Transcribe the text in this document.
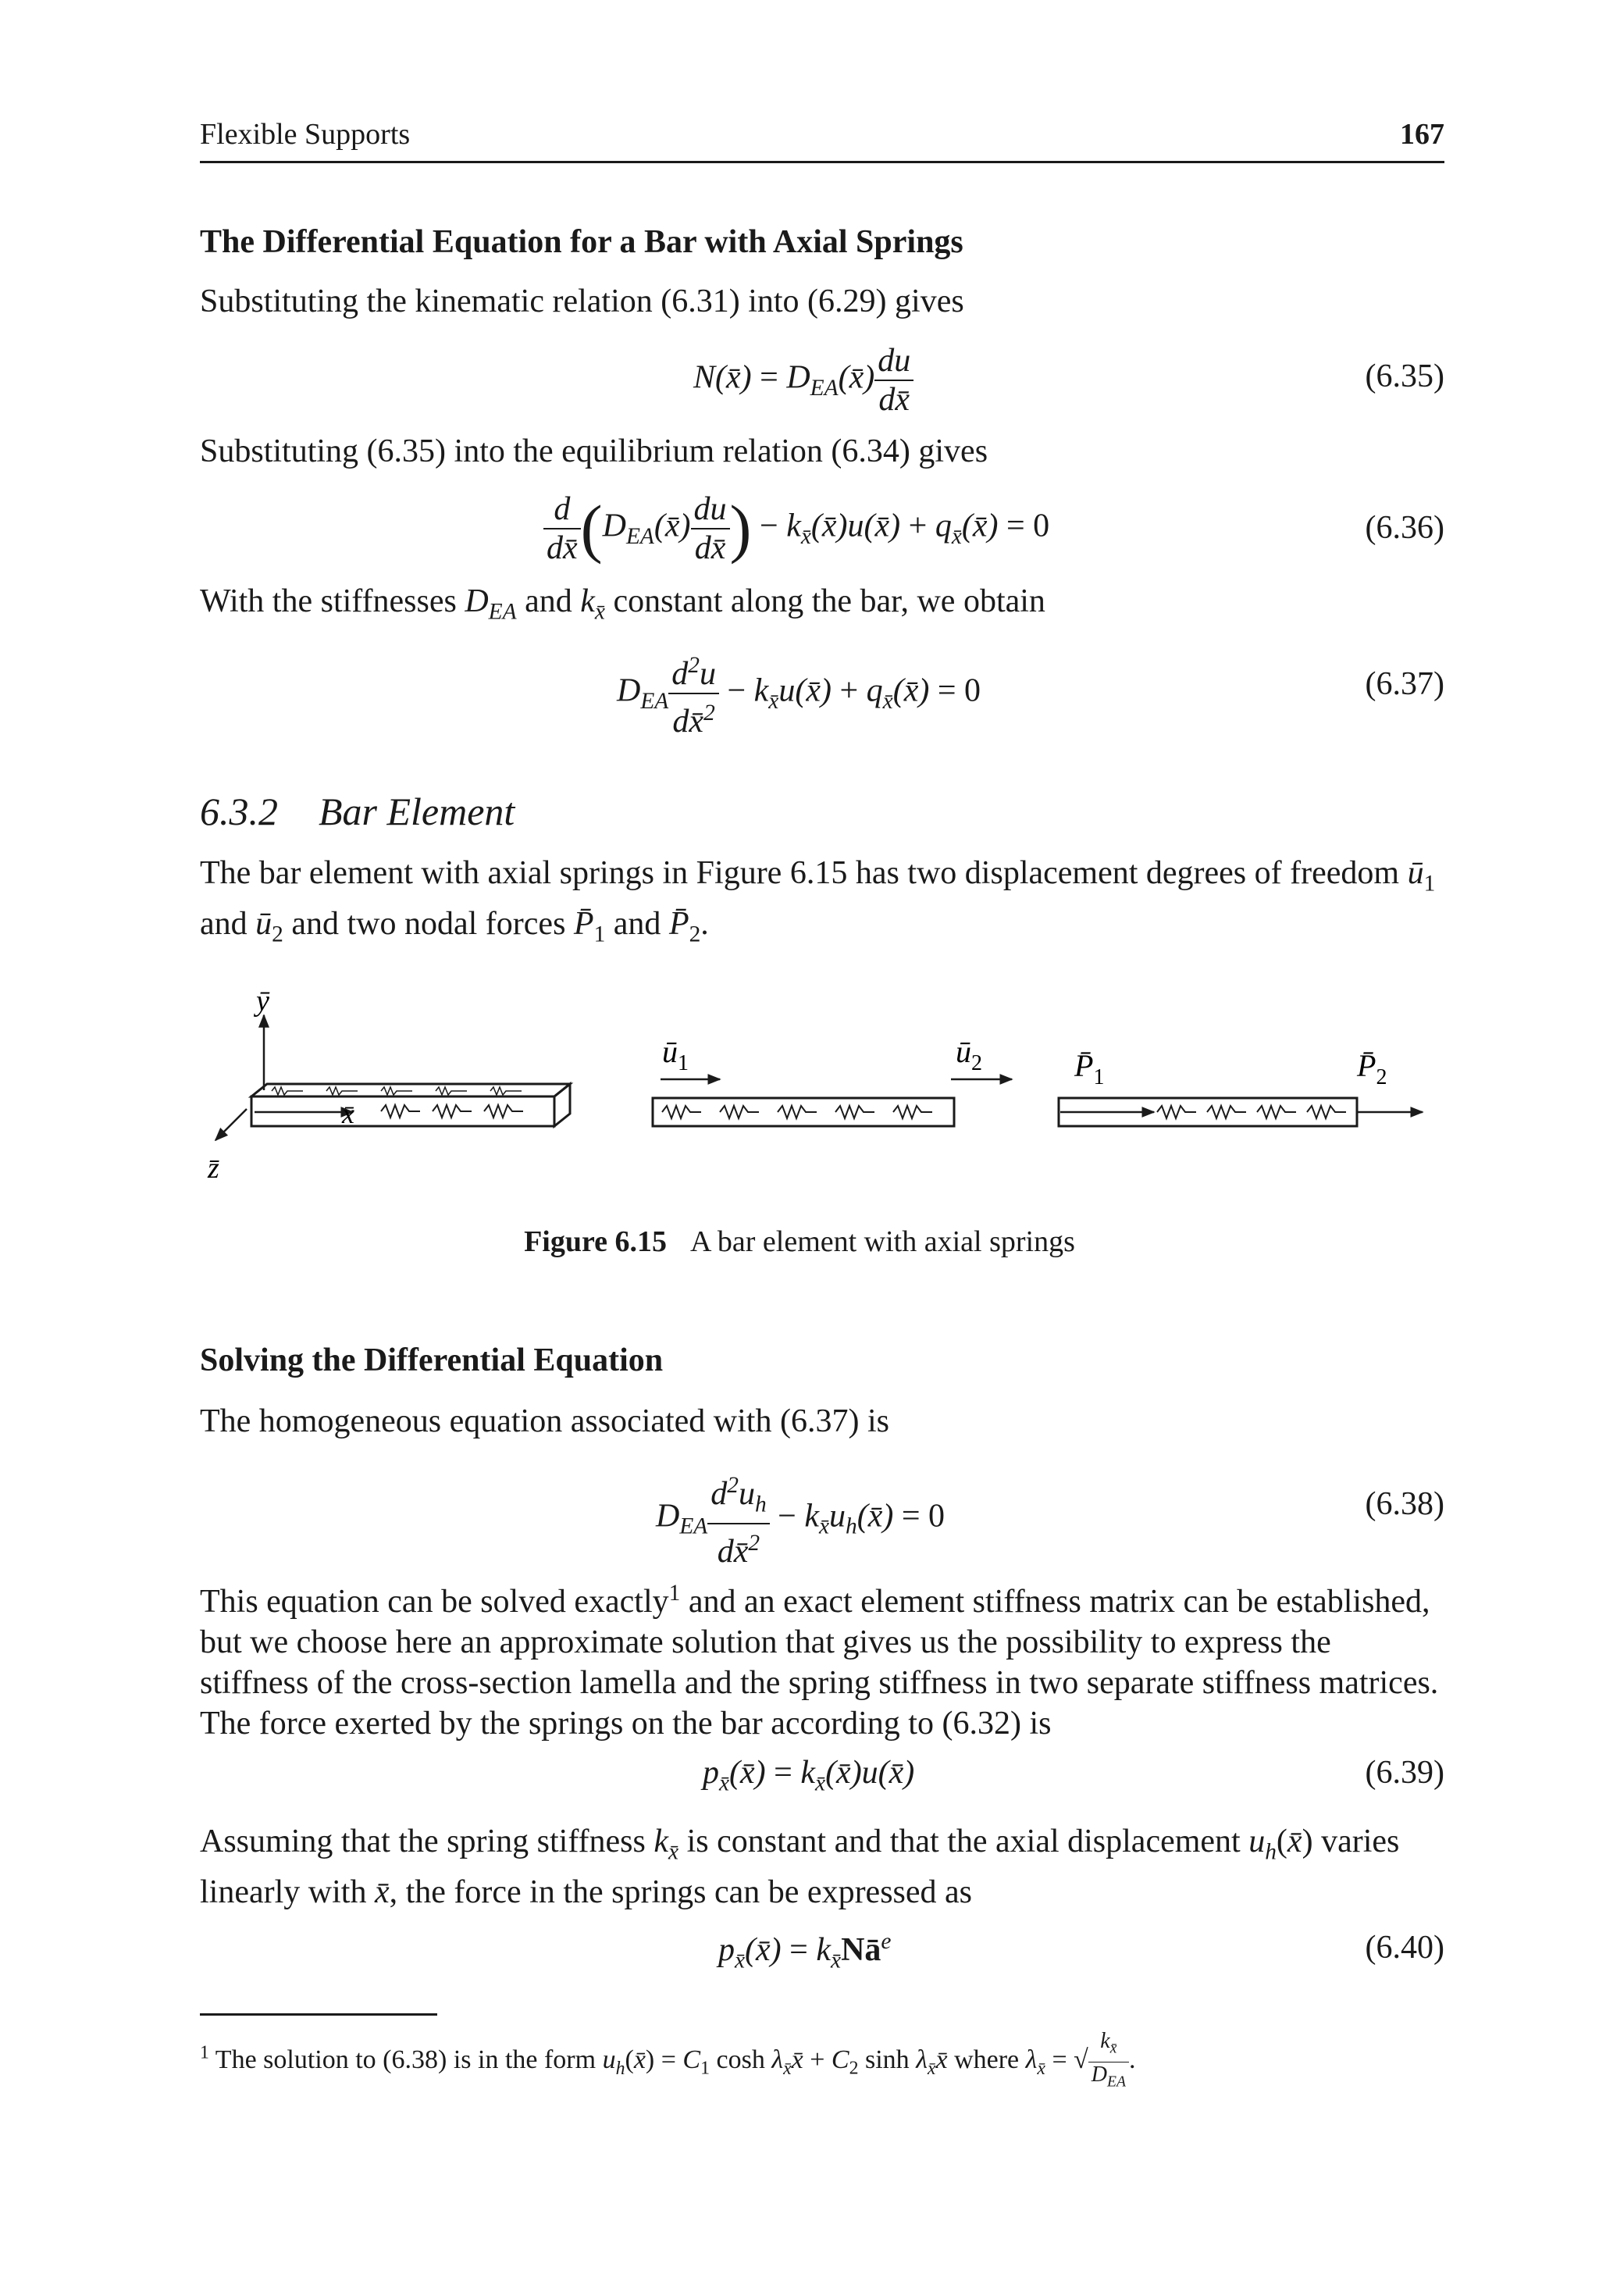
Flexible Supports	167
The Differential Equation for a Bar with Axial Springs
Substituting the kinematic relation (6.31) into (6.29) gives
N(x̄) = $D_{EA}(x̄) \frac{du}{dx̄}$	(6.35)
Substituting (6.35) into the equilibrium relation (6.34) gives
$\frac{d}{dx̄}$ ($D_{EA}(x̄) \frac{du}{dx̄}$ ) − $k_{x̄}(x̄)u(x̄)$ + $q_{x̄}(x̄) = 0$	(6.36)
With the stiffnesses $D_{EA}$ and $k_{x̄}$ constant along the bar, we obtain
$D_{EA} \frac{d^2u}{dx̄^2}$ − $k_{x̄}u(x̄)$ + $q_{x̄}(x̄) = 0$	(6.37)
6.3.2 Bar Element
The bar element with axial springs in Figure 6.15 has two displacement degrees of freedom $ū_1$ and $ū_2$ and two nodal forces $P̄_1$ and $P̄_2$.
ȳ
z̄
x̄
$ū_1$	$ū_2$	$P̄_1$	$P̄_2$
Figure 6.15 A bar element with axial springs
Solving the Differential Equation
The homogeneous equation associated with (6.37) is
$D_{EA} \frac{d^2u_h}{dx̄^2}$ − $k_{x̄}u_h(x̄) = 0$	(6.38)
This equation can be solved exactly$^1$ and an exact element stiffness matrix can be established, but we choose here an approximate solution that gives us the possibility to express the stiffness of the cross-section lamella and the spring stiffness in two separate stiffness matrices. The force exerted by the springs on the bar according to (6.32) is
$p_{x̄}(x̄)$ = $k_{x̄}(x̄)u(x̄)$	(6.39)
Assuming that the spring stiffness $k_{x̄}$ is constant and that the axial displacement $u_h(x̄)$ varies linearly with x̄, the force in the springs can be expressed as
$p_{x̄}(x̄)$ = $k_{x̄}Nā^e$	(6.40)
$^1$ The solution to (6.38) is in the form $u_h(x̄) = C_1$ $\cosh \lambda_{x̄}x̄ + C_2$ $\sinh \lambda_{x̄}x̄$ where $\lambda_{x̄}$ = √ $\frac{k_{x̄}}{D_{EA}}$ .
